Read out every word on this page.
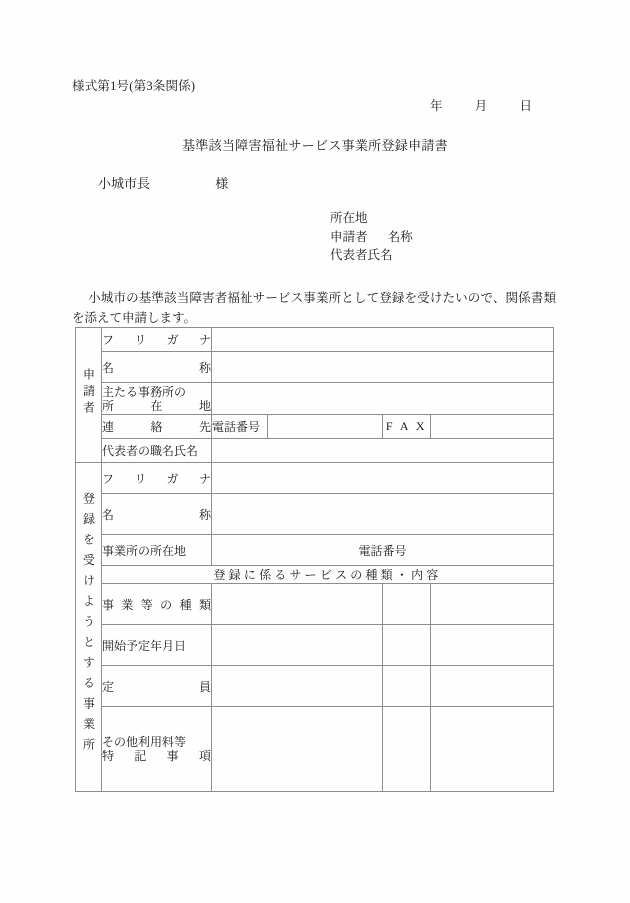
様式第1号(第3条関係)
年	月	日
基準該当障害福祉サービス事業所登録申請書
小城市長	様
所在地
申請者 名称
代表者氏名
小城市の基準該当障害者福祉サービス事業所として登録を受けたいので、関係書類を添えて申請します。
申請者	フ リ ガ ナ				

	名 称				

	主たる事務所の
所 在 地				

	連 絡 先	電話番号		F A X	
	代表者の職名氏名				
登録を受けようとする事業所	フ リ ガ ナ				

	名 称				

	事業所の所在地	電話番号			
	登録に係るサービスの種類・内容				

事 業 等 の 種 類

	開始予定年月日				

	定 員				

	その他利用料等
特 記 事 項				
